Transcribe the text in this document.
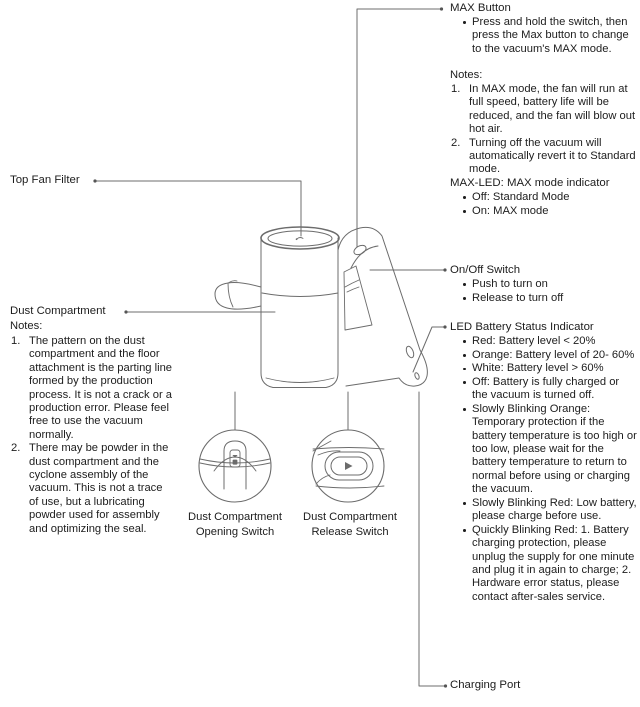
Top Fan Filter
Dust Compartment
Notes:
1. The pattern on the dust compartment and the floor attachment is the parting line formed by the production process. It is not a crack or a production error. Please feel free to use the vacuum normally.
2. There may be powder in the dust compartment and the cyclone assembly of the vacuum. This is not a trace of use, but a lubricating powder used for assembly and optimizing the seal.
Dust Compartment
Opening Switch
Dust Compartment
Release Switch
MAX Button
Press and hold the switch, then press the Max button to change to the vacuum's MAX mode.
Notes:
1. In MAX mode, the fan will run at full speed, battery life will be reduced, and the fan will blow out hot air.
2. Turning off the vacuum will automatically revert it to Standard mode.
MAX-LED: MAX mode indicator
Off: Standard Mode
On: MAX mode
On/Off Switch
Push to turn on
Release to turn off
LED Battery Status Indicator
Red: Battery level < 20%
Orange: Battery level of 20- 60%
White: Battery level > 60%
Off: Battery is fully charged or the vacuum is turned off.
Slowly Blinking Orange: Temporary protection if the battery temperature is too high or too low, please wait for the battery temperature to return to normal before using or charging the vacuum.
Slowly Blinking Red: Low battery, please charge before use.
Quickly Blinking Red: 1. Battery charging protection, please unplug the supply for one minute and plug it in again to charge; 2. Hardware error status, please contact after-sales service.
Charging Port
